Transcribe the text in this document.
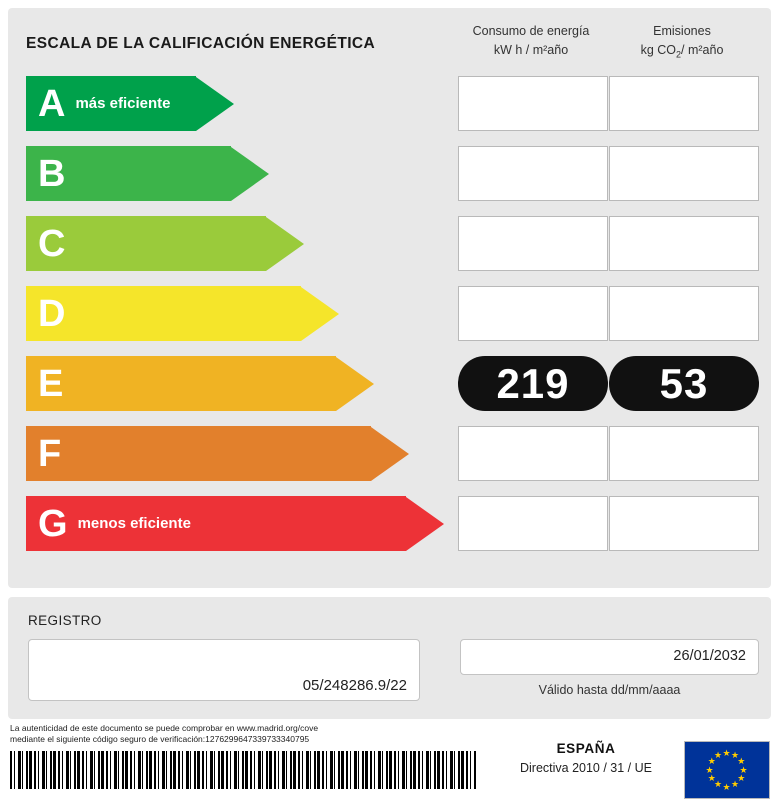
ESCALA DE LA CALIFICACIÓN ENERGÉTICA
Consumo de energía
kW h / m²año
Emisiones
kg $CO_2/$ m²año
A más eficiente
B
C
D
E	219	53
F
G menos eficiente
REGISTRO
05/248286.9/22
26/01/2032
Válido hasta dd/mm/aaaa
La autenticidad de este documento se puede comprobar en www.madrid.org/cove
mediante el siguiente código seguro de verificación:1276299647339733340795
ESPAÑA
Directiva 2010 / 31 / UE
★ ★
★
★
★
★
★
★
★
★
★
★
